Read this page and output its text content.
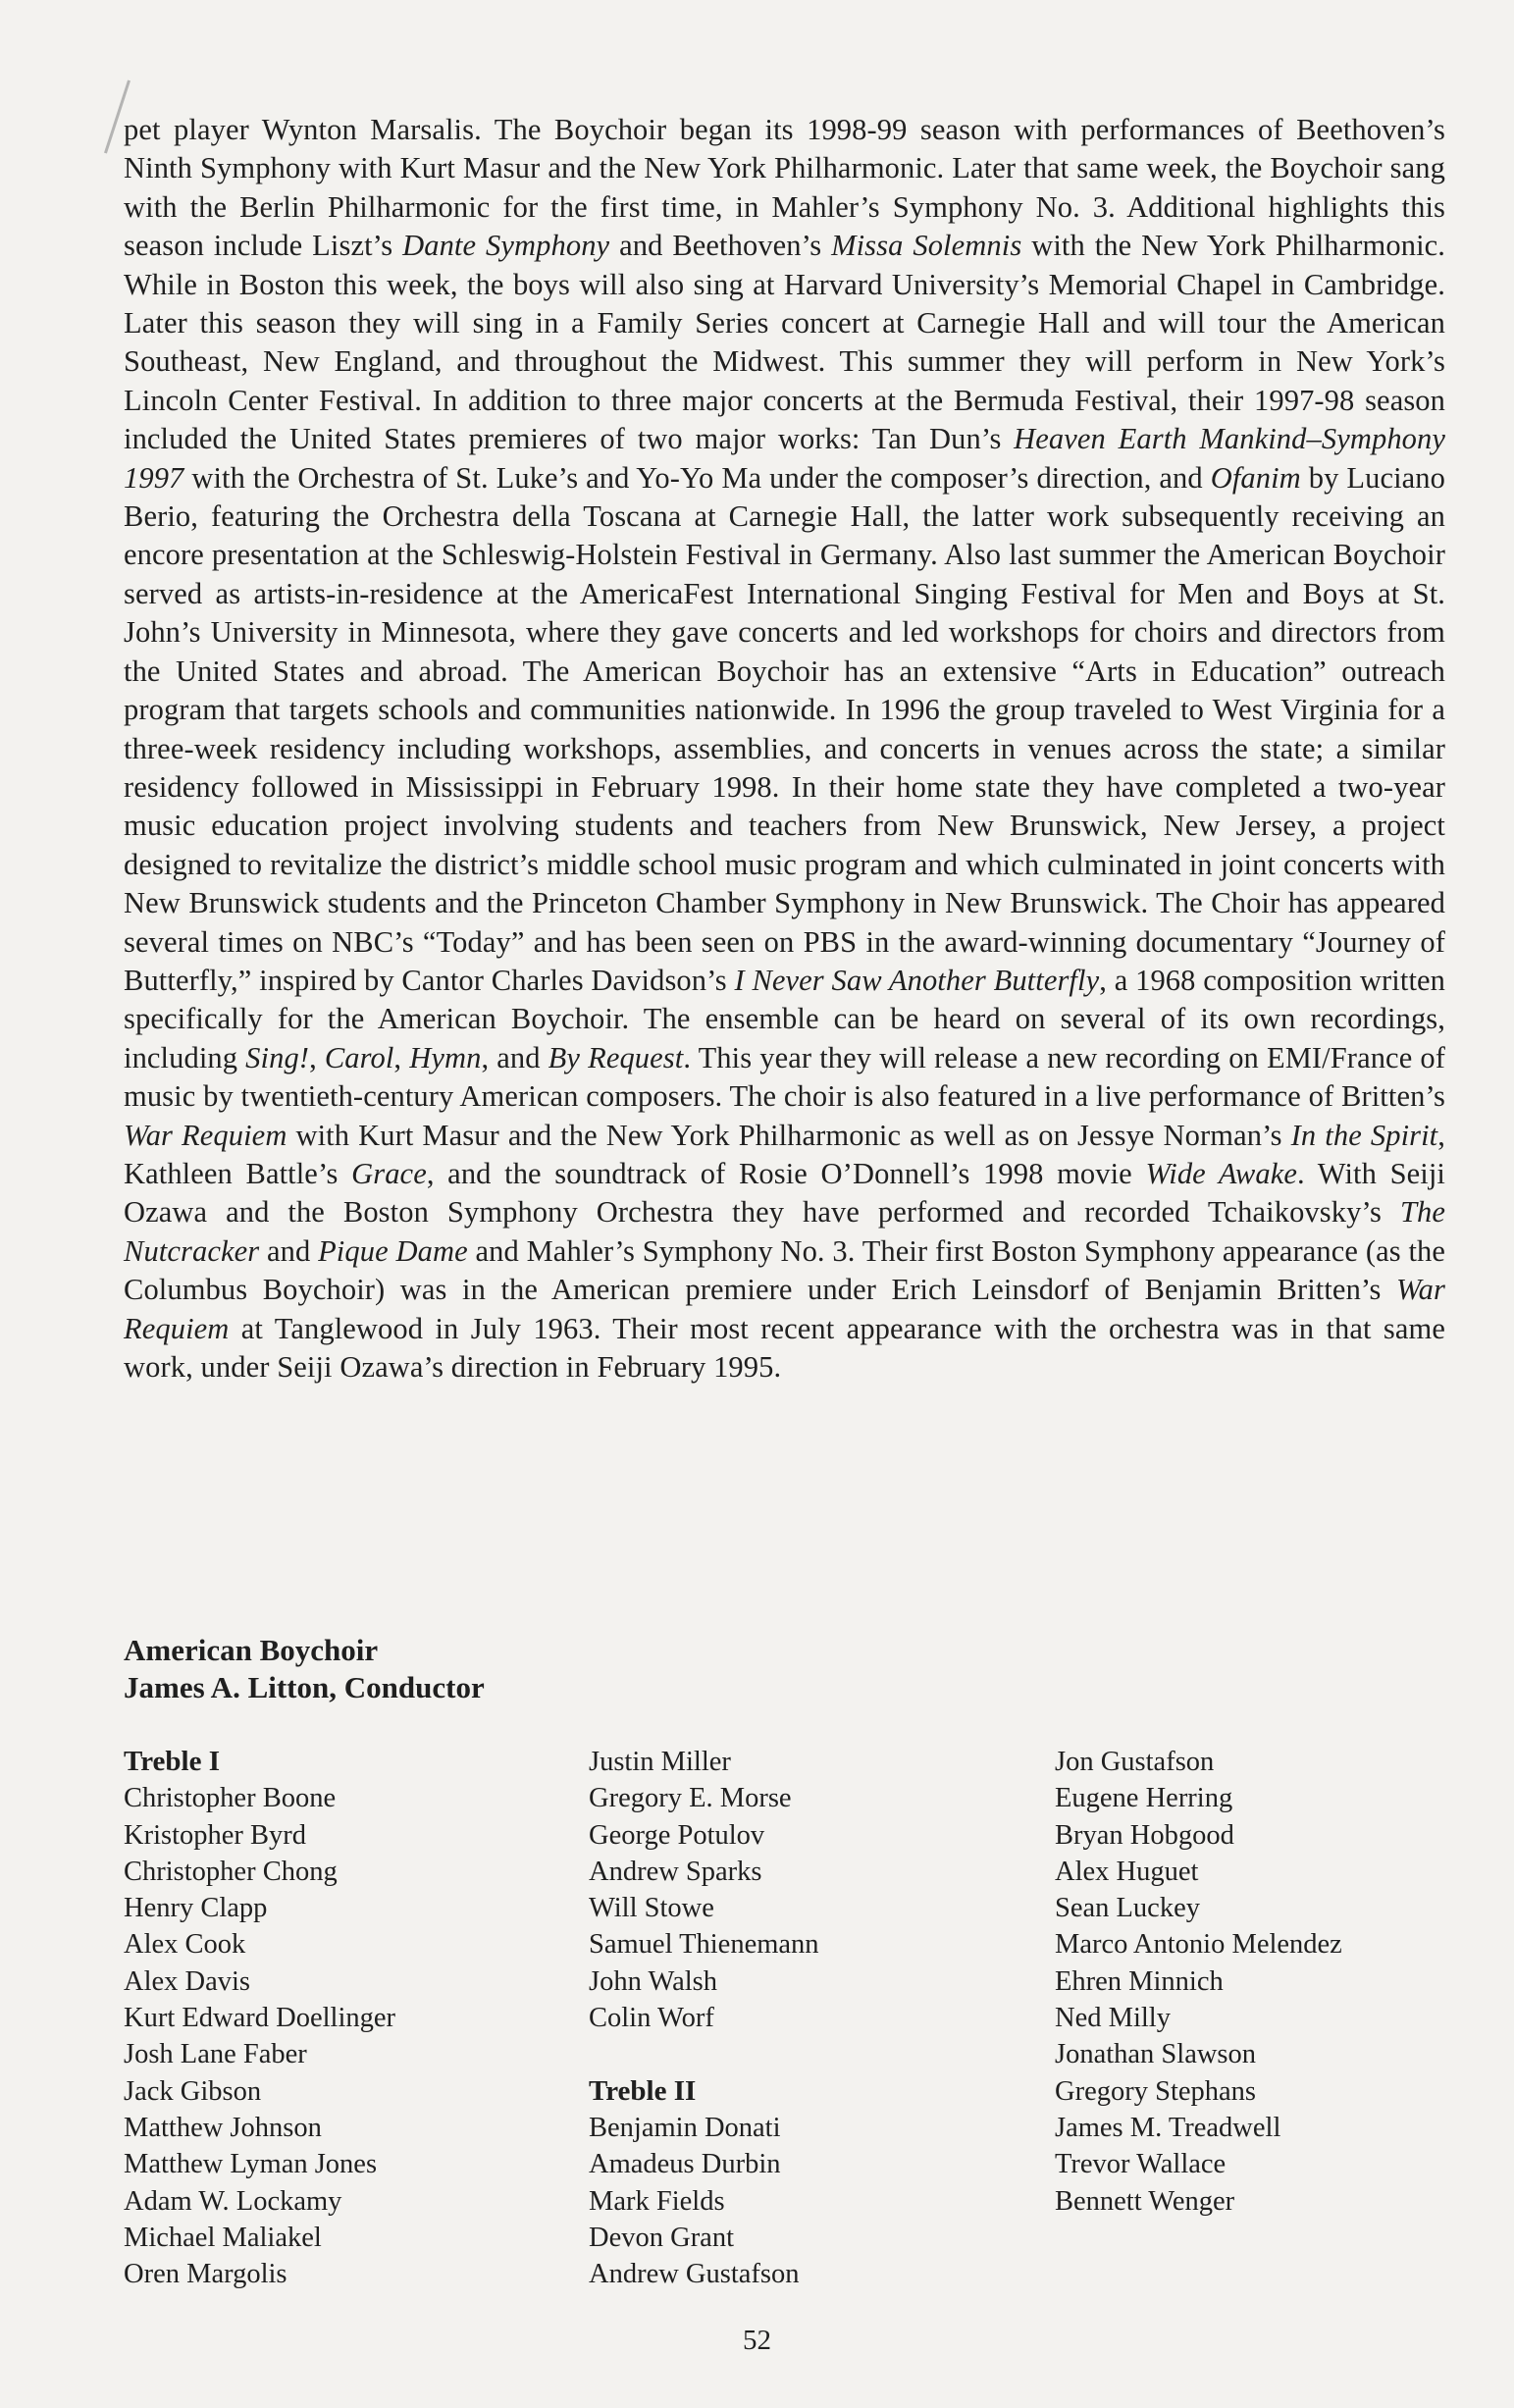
pet player Wynton Marsalis. The Boychoir began its 1998-99 season with performances of Beethoven’s Ninth Symphony with Kurt Masur and the New York Philharmonic. Later that same week, the Boychoir sang with the Berlin Philharmonic for the first time, in Mahler’s Symphony No. 3. Additional highlights this season include Liszt’s Dante Symphony and Beethoven’s Missa Solemnis with the New York Philharmonic. While in Boston this week, the boys will also sing at Harvard University’s Memorial Chapel in Cambridge. Later this season they will sing in a Family Series concert at Carnegie Hall and will tour the American Southeast, New England, and throughout the Midwest. This summer they will perform in New York’s Lincoln Center Festival. In addition to three major concerts at the Bermuda Festival, their 1997-98 season included the United States premieres of two major works: Tan Dun’s Heaven Earth Mankind–Symphony 1997 with the Orchestra of St. Luke’s and Yo-Yo Ma under the composer’s direction, and Ofanim by Luciano Berio, featuring the Orchestra della Toscana at Carnegie Hall, the latter work subsequently receiving an encore presentation at the Schleswig-Holstein Festival in Germany. Also last summer the American Boychoir served as artists-in-residence at the AmericaFest International Singing Festival for Men and Boys at St. John’s University in Minnesota, where they gave concerts and led workshops for choirs and directors from the United States and abroad. The American Boychoir has an extensive “Arts in Education” outreach program that targets schools and communities nationwide. In 1996 the group traveled to West Virginia for a three-week residency including workshops, assemblies, and concerts in venues across the state; a similar residency followed in Mississippi in February 1998. In their home state they have completed a two-year music education project involving students and teachers from New Brunswick, New Jersey, a project designed to revitalize the district’s middle school music program and which culminated in joint concerts with New Brunswick students and the Princeton Chamber Symphony in New Brunswick. The Choir has appeared several times on NBC’s “Today” and has been seen on PBS in the award-winning documentary “Journey of Butterfly,” inspired by Cantor Charles Davidson’s I Never Saw Another Butterfly, a 1968 composition written specifically for the American Boychoir. The ensemble can be heard on several of its own recordings, including Sing!, Carol, Hymn, and By Request. This year they will release a new recording on EMI/France of music by twentieth-century American composers. The choir is also featured in a live performance of Britten’s War Requiem with Kurt Masur and the New York Philharmonic as well as on Jessye Norman’s In the Spirit, Kathleen Battle’s Grace, and the soundtrack of Rosie O’Donnell’s 1998 movie Wide Awake. With Seiji Ozawa and the Boston Symphony Orchestra they have performed and recorded Tchaikovsky’s The Nutcracker and Pique Dame and Mahler’s Symphony No. 3. Their first Boston Symphony appearance (as the Columbus Boychoir) was in the American premiere under Erich Leinsdorf of Benjamin Britten’s War Requiem at Tanglewood in July 1963. Their most recent appearance with the orchestra was in that same work, under Seiji Ozawa’s direction in February 1995.

American Boychoir
James A. Litton, Conductor
Treble I
Christopher Boone
Kristopher Byrd
Christopher Chong
Henry Clapp
Alex Cook
Alex Davis
Kurt Edward Doellinger
Josh Lane Faber
Jack Gibson
Matthew Johnson
Matthew Lyman Jones
Adam W. Lockamy
Michael Maliakel
Oren Margolis
Justin Miller
Gregory E. Morse
George Potulov
Andrew Sparks
Will Stowe
Samuel Thienemann
John Walsh
Colin Worf
Treble II
Benjamin Donati
Amadeus Durbin
Mark Fields
Devon Grant
Andrew Gustafson
Jon Gustafson
Eugene Herring
Bryan Hobgood
Alex Huguet
Sean Luckey
Marco Antonio Melendez
Ehren Minnich
Ned Milly
Jonathan Slawson
Gregory Stephans
James M. Treadwell
Trevor Wallace
Bennett Wenger
52
